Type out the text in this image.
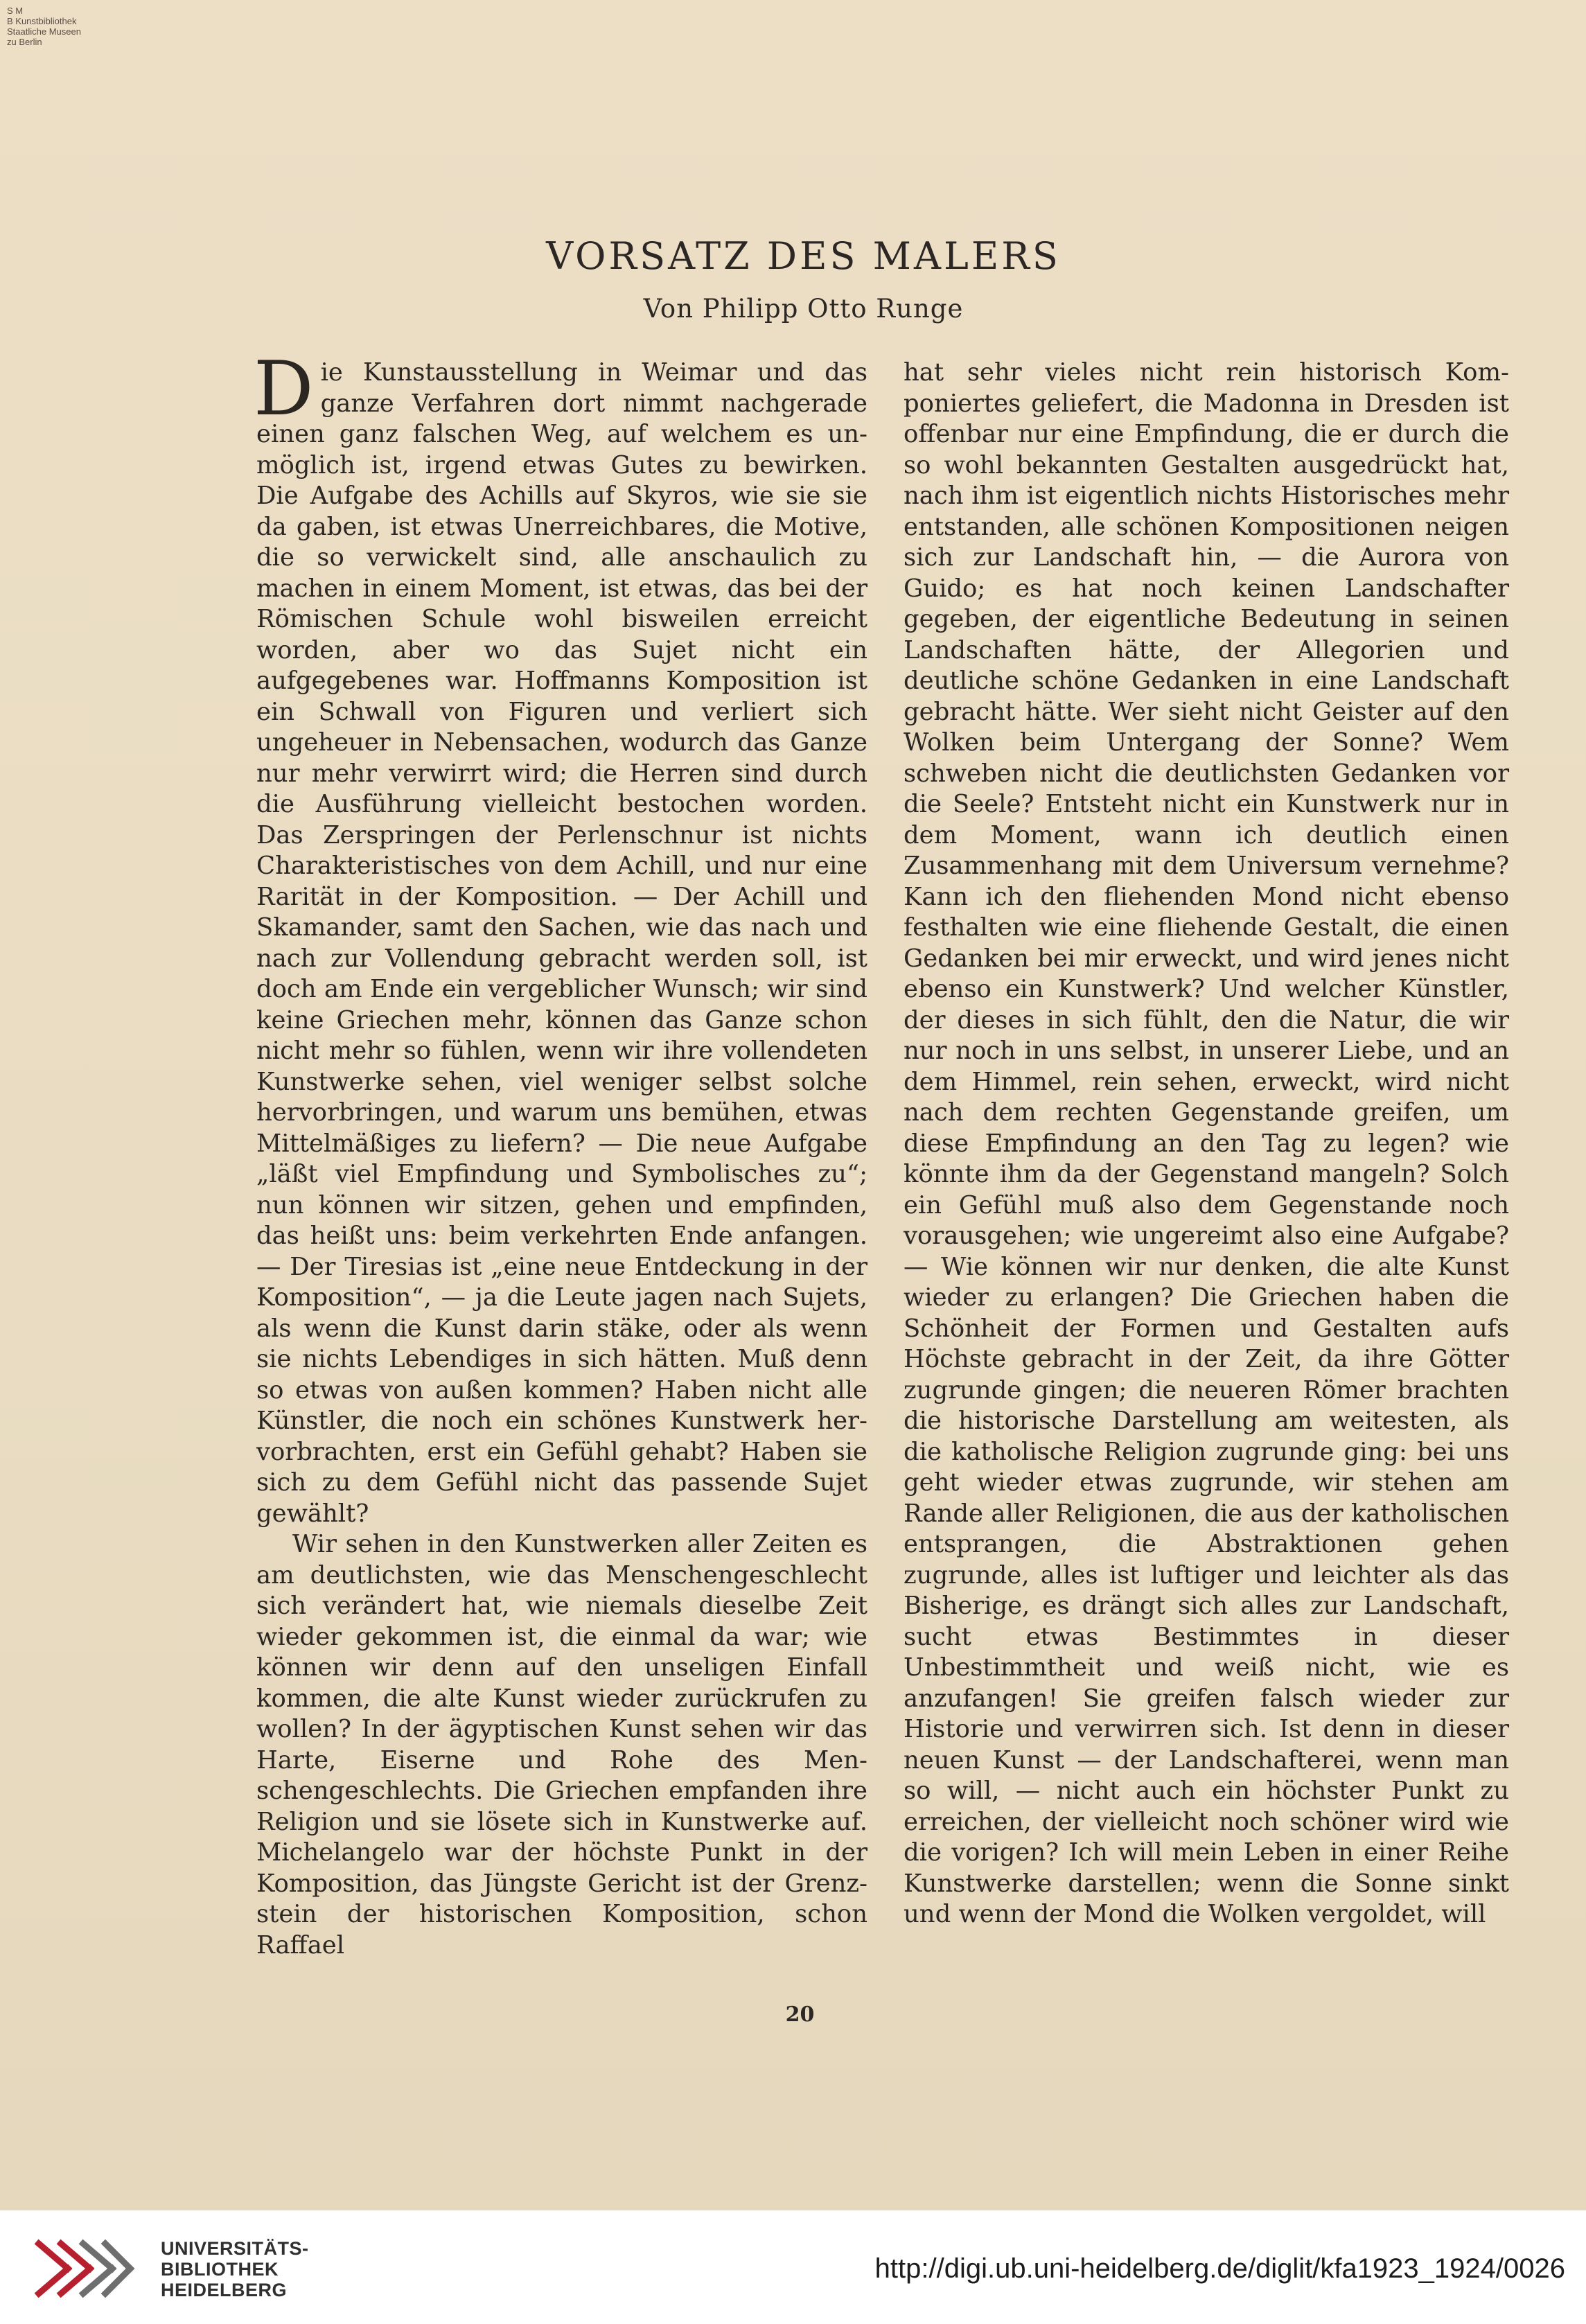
S M
B Kunstbibliothek
Staatliche Museen
zu Berlin
VORSATZ DES MALERS
Von Philipp Otto Runge

Die Kunstausstellung in Weimar und das ganze Verfahren dort nimmt nachgerade einen ganz falschen Weg, auf welchem es unmöglich ist, irgend etwas Gutes zu bewirken. Die Aufgabe des Achills auf Skyros, wie sie sie da gaben, ist etwas Unerreichbares, die Motive, die so verwickelt sind, alle anschaulich zu machen in einem Moment, ist etwas, das bei der Römischen Schule wohl bisweilen erreicht worden, aber wo das Sujet nicht ein aufgegebenes war. Hoffmanns Komposition ist ein Schwall von Figuren und verliert sich ungeheuer in Nebensachen, wodurch das Ganze nur mehr verwirrt wird; die Herren sind durch die Ausführung vielleicht bestochen worden. Das Zerspringen der Perlenschnur ist nichts Charakteristisches von dem Achill, und nur eine Rarität in der Komposition. — Der Achill und Skamander, samt den Sachen, wie das nach und nach zur Vollendung gebracht werden soll, ist doch am Ende ein vergeblicher Wunsch; wir sind keine Griechen mehr, können das Ganze schon nicht mehr so fühlen, wenn wir ihre vollendeten Kunstwerke sehen, viel weniger selbst solche hervorbringen, und warum uns bemühen, etwas Mittelmäßiges zu liefern? — Die neue Aufgabe „läßt viel Empfindung und Symbolisches zu“; nun können wir sitzen, gehen und empfinden, das heißt uns: beim verkehrten Ende anfangen. — Der Tiresias ist „eine neue Entdeckung in der Komposition“, — ja die Leute jagen nach Sujets, als wenn die Kunst darin stäke, oder als wenn sie nichts Lebendiges in sich hätten. Muß denn so etwas von außen kommen? Haben nicht alle Künstler, die noch ein schönes Kunstwerk hervorbrachten, erst ein Gefühl gehabt? Haben sie sich zu dem Gefühl nicht das passende Sujet gewählt?

Wir sehen in den Kunstwerken aller Zeiten es am deutlichsten, wie das Menschengeschlecht sich verändert hat, wie niemals dieselbe Zeit wieder gekommen ist, die einmal da war; wie können wir denn auf den unseligen Einfall kommen, die alte Kunst wieder zurückrufen zu wollen? In der ägyptischen Kunst sehen wir das Harte, Eiserne und Rohe des Menschengeschlechts. Die Griechen empfanden ihre Religion und sie lösete sich in Kunstwerke auf. Michelangelo war der höchste Punkt in der Komposition, das Jüngste Gericht ist der Grenzstein der historischen Komposition, schon Raffael

hat sehr vieles nicht rein historisch Komponiertes geliefert, die Madonna in Dresden ist offenbar nur eine Empfindung, die er durch die so wohl bekannten Gestalten ausgedrückt hat, nach ihm ist eigentlich nichts Historisches mehr entstanden, alle schönen Kompositionen neigen sich zur Landschaft hin, — die Aurora von Guido; es hat noch keinen Landschafter gegeben, der eigentliche Bedeutung in seinen Landschaften hätte, der Allegorien und deutliche schöne Gedanken in eine Landschaft gebracht hätte. Wer sieht nicht Geister auf den Wolken beim Untergang der Sonne? Wem schweben nicht die deutlichsten Gedanken vor die Seele? Entsteht nicht ein Kunstwerk nur in dem Moment, wann ich deutlich einen Zusammenhang mit dem Universum vernehme? Kann ich den fliehenden Mond nicht ebenso festhalten wie eine fliehende Gestalt, die einen Gedanken bei mir erweckt, und wird jenes nicht ebenso ein Kunstwerk? Und welcher Künstler, der dieses in sich fühlt, den die Natur, die wir nur noch in uns selbst, in unserer Liebe, und an dem Himmel, rein sehen, erweckt, wird nicht nach dem rechten Gegenstande greifen, um diese Empfindung an den Tag zu legen? wie könnte ihm da der Gegenstand mangeln? Solch ein Gefühl muß also dem Gegenstande noch vorausgehen; wie ungereimt also eine Aufgabe? — Wie können wir nur denken, die alte Kunst wieder zu erlangen? Die Griechen haben die Schönheit der Formen und Gestalten aufs Höchste gebracht in der Zeit, da ihre Götter zugrunde gingen; die neueren Römer brachten die historische Darstellung am weitesten, als die katholische Religion zugrunde ging: bei uns geht wieder etwas zugrunde, wir stehen am Rande aller Religionen, die aus der katholischen entsprangen, die Abstraktionen gehen zugrunde, alles ist luftiger und leichter als das Bisherige, es drängt sich alles zur Landschaft, sucht etwas Bestimmtes in dieser Unbestimmtheit und weiß nicht, wie es anzufangen! Sie greifen falsch wieder zur Historie und verwirren sich. Ist denn in dieser neuen Kunst — der Landschafterei, wenn man so will, — nicht auch ein höchster Punkt zu erreichen, der vielleicht noch schöner wird wie die vorigen? Ich will mein Leben in einer Reihe Kunstwerke darstellen; wenn die Sonne sinkt und wenn der Mond die Wolken vergoldet, will

20
UNIVERSITÄTS-
BIBLIOTHEK
HEIDELBERG
http://digi.ub.uni-heidelberg.de/diglit/kfa1923_1924/0026
